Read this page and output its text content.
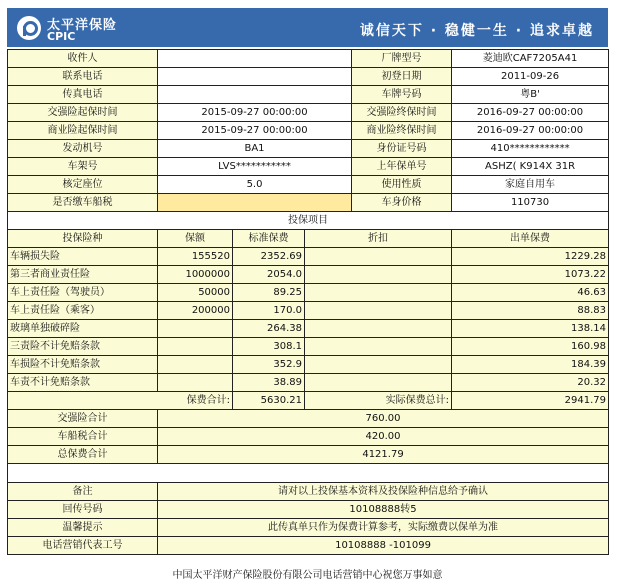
太平洋保险
CPIC	诚信天下 · 稳健一生 · 追求卓越
收件人				厂牌型号	菱迪欧CAF7205A41
联系电话				初登日期	2011-09-26
传真电话				车牌号码	粤B'
交强险起保时间	2015-09-27 00:00:00			交强险终保时间	2016-09-27 00:00:00
商业险起保时间	2015-09-27 00:00:00			商业险终保时间	2016-09-27 00:00:00
发动机号	BA1			身份证号码	410************
车架号	LVS***********			上年保单号	ASHZ( K914X 31R
核定座位	5.0			使用性质	家庭自用车
是否缴车船税				车身价格	110730
投保项目					
投保险种	保额	标准保费	折扣		出单保费
车辆损失险	155520	2352.69			1229.28
第三者商业责任险	1000000	2054.0			1073.22
车上责任险（驾驶员）	50000	89.25			46.63
车上责任险（乘客）	200000	170.0			88.83
玻璃单独破碎险		264.38			138.14
三责险不计免赔条款		308.1			160.98
车损险不计免赔条款		352.9			184.39
车责不计免赔条款		38.89			20.32
保费合计:		5630.21	实际保费总计:		2941.79
交强险合计	760.00				
车船税合计	420.00				
总保费合计	4121.79				

备注	请对以上投保基本资料及投保险种信息给予确认				
回传号码	10108888转5				
温馨提示	此传真单只作为保费计算参考，实际缴费以保单为准				
电话营销代表工号	10108888 -101099				
中国太平洋财产保险股份有限公司电话营销中心祝您万事如意
